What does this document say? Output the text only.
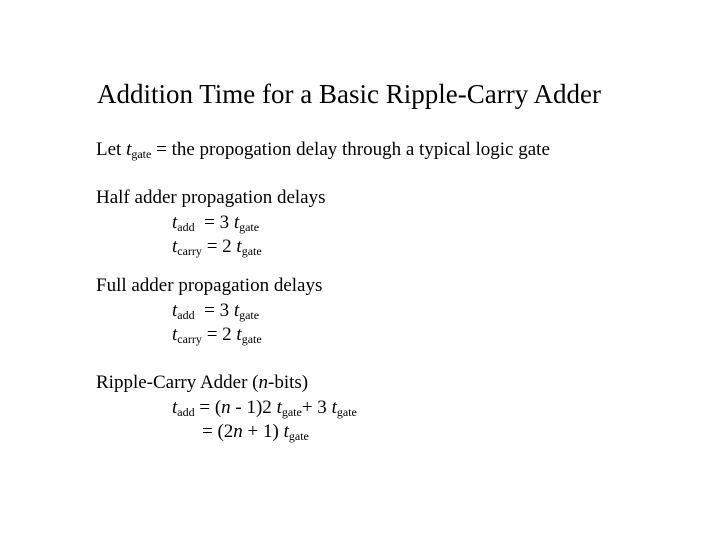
Addition Time for a Basic Ripple-Carry Adder
Let $t_{gate}$ = the propogation delay through a typical logic gate
Half adder propagation delays
$t_{add} = 3$ $t_{gate}$
$t_{carry} = 2$ $t_{gate}$
Full adder propagation delays
$t_{add} = 3$ $t_{gate}$
$t_{carry} = 2$ $t_{gate}$
Ripple-Carry Adder (n-bits)
$t_{add} = (n - 1)2$ $t_{gate}+ 3$ $t_{gate}$
= (2n + 1) $t_{gate}$
